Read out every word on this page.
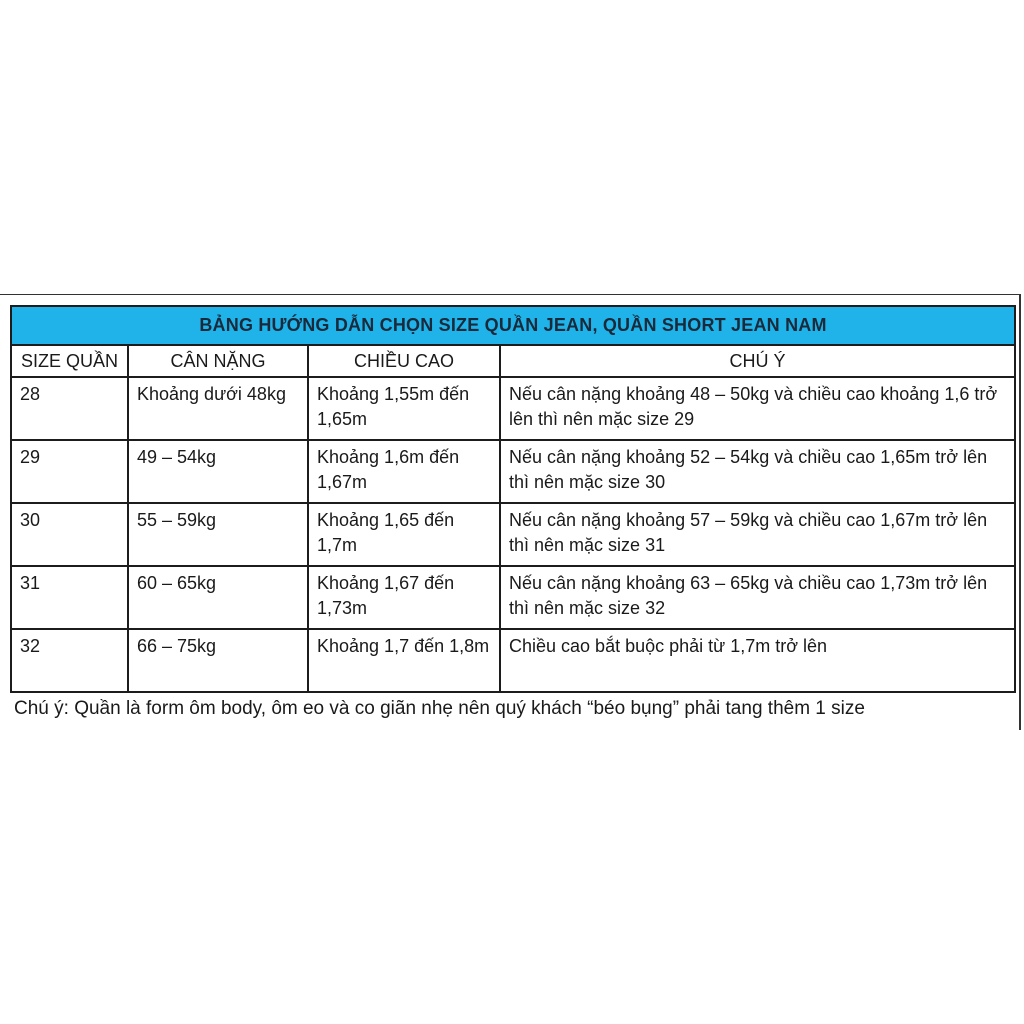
BẢNG HƯỚNG DẪN CHỌN SIZE QUẦN JEAN, QUẦN SHORT JEAN NAM			
SIZE QUẦN	CÂN NẶNG	CHIỀU CAO	CHÚ Ý
28	Khoảng dưới 48kg	Khoảng 1,55m đến 1,65m	Nếu cân nặng khoảng 48 – 50kg và chiều cao khoảng 1,6 trở lên thì nên mặc size 29
29	49 – 54kg	Khoảng 1,6m đến 1,67m	Nếu cân nặng khoảng 52 – 54kg và chiều cao 1,65m trở lên thì nên mặc size 30
30	55 – 59kg	Khoảng 1,65 đến 1,7m	Nếu cân nặng khoảng 57 – 59kg và chiều cao 1,67m trở lên thì nên mặc size 31
31	60 – 65kg	Khoảng 1,67 đến 1,73m	Nếu cân nặng khoảng 63 – 65kg và chiều cao 1,73m trở lên thì nên mặc size 32
32	66 – 75kg	Khoảng 1,7 đến 1,8m	Chiều cao bắt buộc phải từ 1,7m trở lên
Chú ý: Quần là form ôm body, ôm eo và co giãn nhẹ nên quý khách “béo bụng” phải tang thêm 1 size
